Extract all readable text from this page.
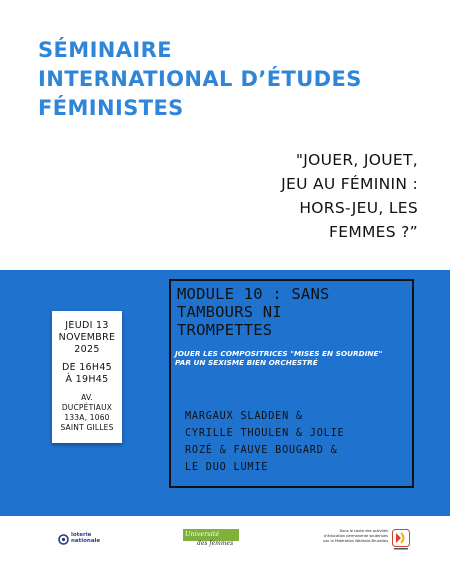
SÉMINAIRE
INTERNATIONAL D’ÉTUDES
FÉMINISTES
"JOUER, JOUET,
JEU AU FÉMININ :
HORS-JEU, LES
FEMMES ?”
JEUDI 13
NOVEMBRE
2025
DE 16H45
À 19H45
AV.
DUCPÉTIAUX
133A, 1060
SAINT GILLES
MODULE 10 : SANS
TAMBOURS NI
TROMPETTES
JOUER LES COMPOSITRICES "MISES EN SOURDINE"
PAR UN SEXISME BIEN ORCHESTRÉ
MARGAUX SLADDEN &
CYRILLE THOULEN & JOLIE
ROZÉ & FAUVE BOUGARD &
LE DUO LUMIE
loterie
nationale
Université
des femmes
Dans le cadre des activités
d’éducation permanente soutenues
par la Fédération Wallonie-Bruxelles
